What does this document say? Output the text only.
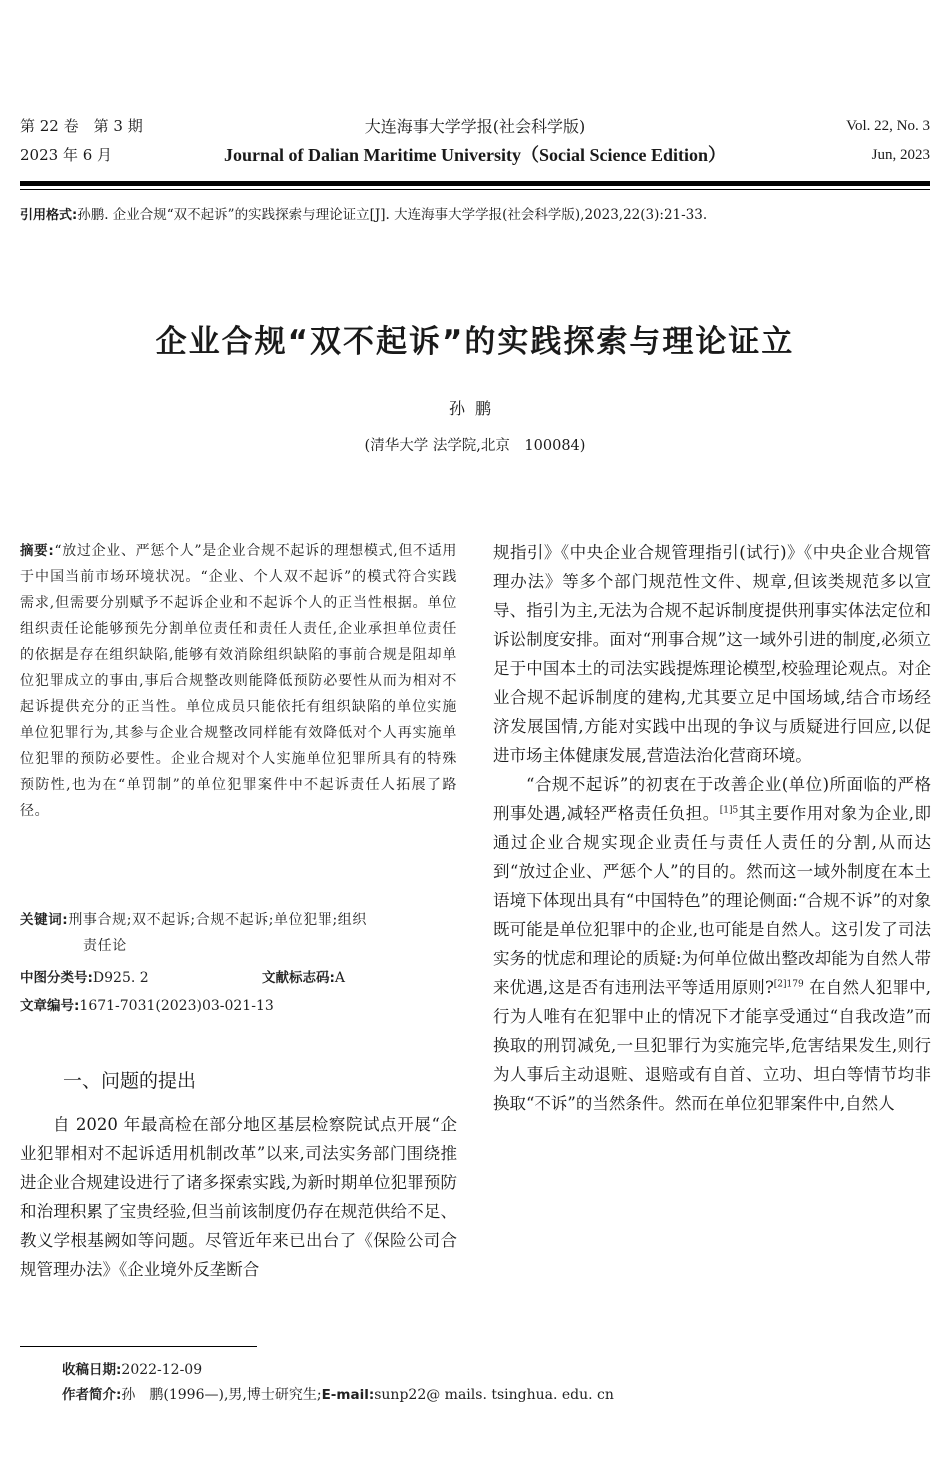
第 22 卷　第 3 期
2023 年 6 月
大连海事大学学报(社会科学版)
Journal of Dalian Maritime University（Social Science Edition）
Vol. 22, No. 3
Jun, 2023
引用格式:孙鹏. 企业合规“双不起诉”的实践探索与理论证立[J]. 大连海事大学学报(社会科学版),2023,22(3):21-33.
企业合规“双不起诉”的实践探索与理论证立
孙鹏
(清华大学 法学院,北京　100084)
摘要:“放过企业、严惩个人”是企业合规不起诉的理想模式,但不适用于中国当前市场环境状况。“企业、个人双不起诉”的模式符合实践需求,但需要分别赋予不起诉企业和不起诉个人的正当性根据。单位组织责任论能够预先分割单位责任和责任人责任,企业承担单位责任的依据是存在组织缺陷,能够有效消除组织缺陷的事前合规是阻却单位犯罪成立的事由,事后合规整改则能降低预防必要性从而为相对不起诉提供充分的正当性。单位成员只能依托有组织缺陷的单位实施单位犯罪行为,其参与企业合规整改同样能有效降低对个人再实施单位犯罪的预防必要性。企业合规对个人实施单位犯罪所具有的特殊预防性,也为在“单罚制”的单位犯罪案件中不起诉责任人拓展了路径。
关键词:刑事合规;双不起诉;合规不起诉;单位犯罪;组织
责任论
中图分类号:D925. 2	文献标志码:A
文章编号:1671-7031(2023)03-021-13
一、问题的提出

自 2020 年最高检在部分地区基层检察院试点开展“企业犯罪相对不起诉适用机制改革”以来,司法实务部门围绕推进企业合规建设进行了诸多探索实践,为新时期单位犯罪预防和治理积累了宝贵经验,但当前该制度仍存在规范供给不足、教义学根基阙如等问题。尽管近年来已出台了《保险公司合规管理办法》《企业境外反垄断合

规指引》《中央企业合规管理指引(试行)》《中央企业合规管理办法》等多个部门规范性文件、规章,但该类规范多以宣导、指引为主,无法为合规不起诉制度提供刑事实体法定位和诉讼制度安排。面对“刑事合规”这一域外引进的制度,必须立足于中国本土的司法实践提炼理论模型,校验理论观点。对企业合规不起诉制度的建构,尤其要立足中国场域,结合市场经济发展国情,方能对实践中出现的争议与质疑进行回应,以促进市场主体健康发展,营造法治化营商环境。

“合规不起诉”的初衷在于改善企业(单位)所面临的严格刑事处遇,减轻严格责任负担。$^{[1]5}$其主要作用对象为企业,即通过企业合规实现企业责任与责任人责任的分割,从而达到“放过企业、严惩个人”的目的。然而这一域外制度在本土语境下体现出具有“中国特色”的理论侧面:“合规不诉”的对象既可能是单位犯罪中的企业,也可能是自然人。这引发了司法实务的忧虑和理论的质疑:为何单位做出整改却能为自然人带来优遇,这是否有违刑法平等适用原则?$^{[2]179}$ 在自然人犯罪中,行为人唯有在犯罪中止的情况下才能享受通过“自我改造”而换取的刑罚减免,一旦犯罪行为实施完毕,危害结果发生,则行为人事后主动退赃、退赔或有自首、立功、坦白等情节均非换取“不诉”的当然条件。然而在单位犯罪案件中,自然人

收稿日期:2022-12-09
作者简介:孙　鹏(1996—),男,博士研究生;E-mail:sunp22@ mails. tsinghua. edu. cn
